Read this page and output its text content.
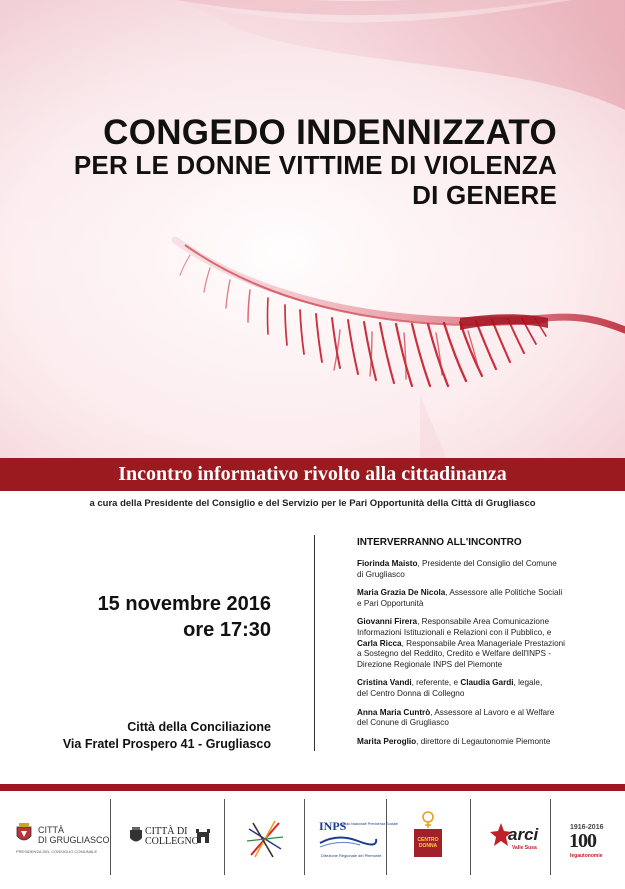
CONGEDO INDENNIZZATO
PER LE DONNE VITTIME DI VIOLENZA
DI GENERE
Incontro informativo rivolto alla cittadinanza
a cura della Presidente del Consiglio e del Servizio per le Pari Opportunità della Città di Grugliasco
15 novembre 2016
ore 17:30
Città della Conciliazione
Via Fratel Prospero 41 - Grugliasco
INTERVERRANNO ALL'INCONTRO
Fiorinda Maisto, Presidente del Consiglio del Comune
di Grugliasco
Maria Grazia De Nicola, Assessore alle Politiche Sociali
e Pari Opportunità
Giovanni Firera, Responsabile Area Comunicazione
Informazioni Istituzionali e Relazioni con il Pubblico, e
Carla Ricca, Responsabile Area Manageriale Prestazioni
a Sostegno del Reddito, Credito e Welfare dell'INPS -
Direzione Regionale INPS del Piemonte
Cristina Vandi, referente, e Claudia Gardi, legale,
del Centro Donna di Collegno
Anna Maria Cuntrò, Assessore al Lavoro e al Welfare
del Conune di Grugliasco
Marita Peroglio, direttore di Legautonomie Piemonte
CITTÀ
DI GRUGLIASCO
PRESIDENZA DEL CONSIGLIO COMUNALE
CITTÀ DI
COLLEGNO
INPS
Istituto Nazionale Previdenza Sociale
Direzione Regionale del Piemonte
CENTRO
DONNA
arci
Valle Susa
1916-2016
100
legautonomie
